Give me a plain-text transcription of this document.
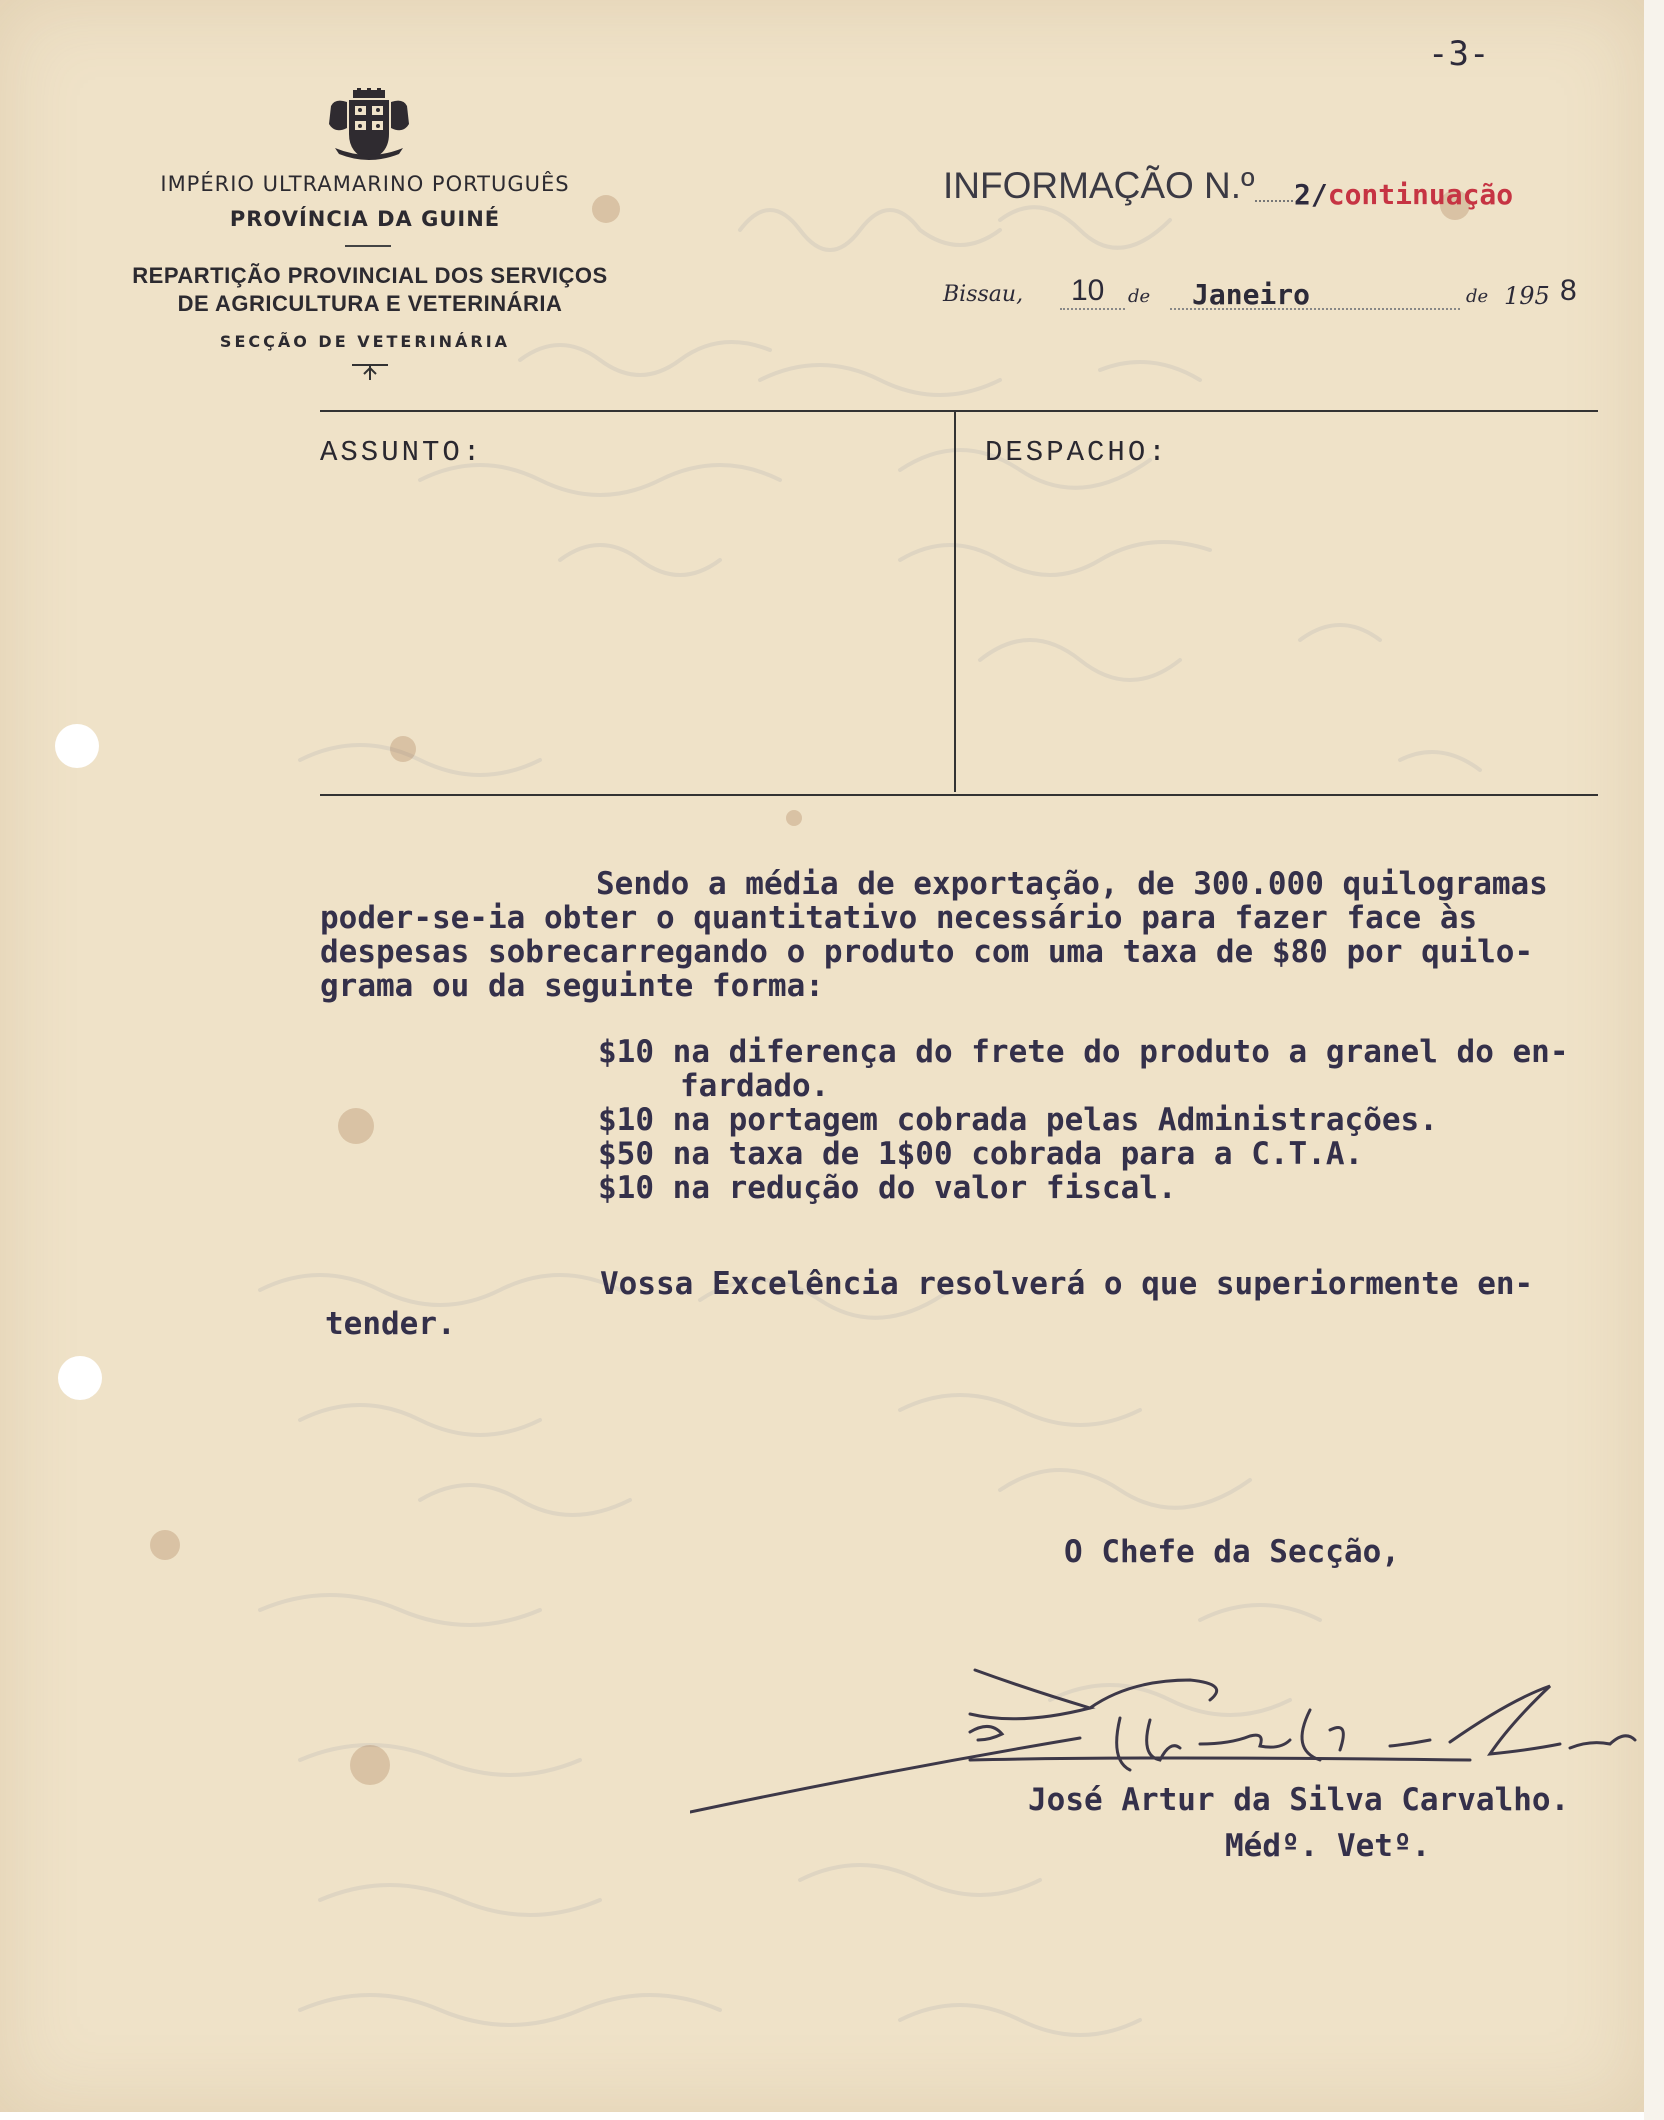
-3-
IMPÉRIO ULTRAMARINO PORTUGUÊS
PROVÍNCIA DA GUINÉ
REPARTIÇÃO PROVINCIAL DOS SERVIÇOS
DE AGRICULTURA E VETERINÁRIA
SECÇÃO DE VETERINÁRIA
INFORMAÇÃO N.º 2/continuação
Bissau, 10 de Janeiro	de 195 8
ASSUNTO:	DESPACHO:
Sendo a média de exportação, de 300.000 quilogramas
poder-se-ia obter o quantitativo necessário para fazer face às
despesas sobrecarregando o produto com uma taxa de $80 por quilo-
grama ou da seguinte forma:
$10 na diferença do frete do produto a granel do en-
fardado.
$10 na portagem cobrada pelas Administrações.
$50 na taxa de 1$00 cobrada para a C.T.A.
$10 na redução do valor fiscal.
Vossa Excelência resolverá o que superiormente en-
tender.
O Chefe da Secção,
José Artur da Silva Carvalho.
Médº. Vetº.
